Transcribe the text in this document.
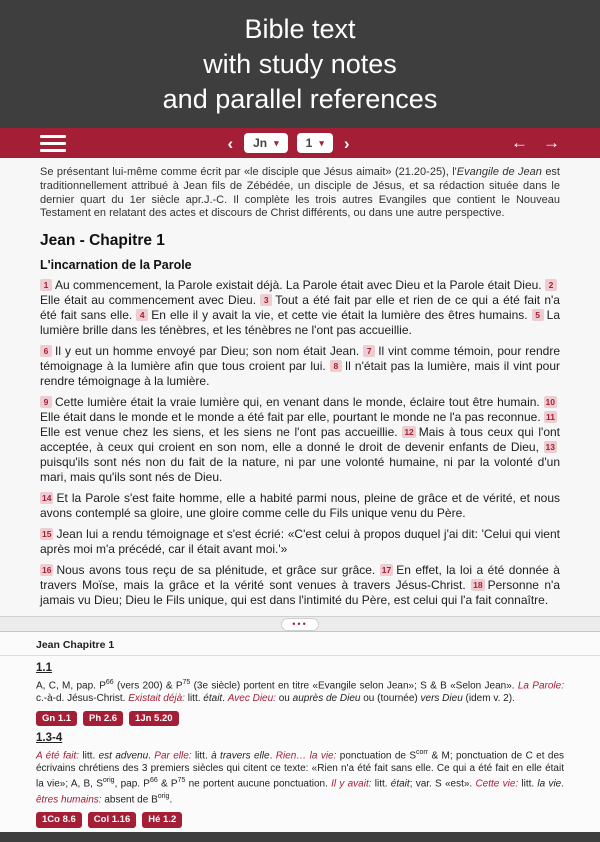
Bible text
with study notes
and parallel references
‹ Jn ▾ 1 ▾ ›	← →

Se présentant lui-même comme écrit par «le disciple que Jésus aimait» (21.20-25), l'Evangile de Jean est traditionnellement attribué à Jean fils de Zébédée, un disciple de Jésus, et sa rédaction située dans le dernier quart du 1er siècle apr.J.-C. Il complète les trois autres Evangiles que contient le Nouveau Testament en relatant des actes et discours de Christ différents, ou dans une autre perspective.

Jean - Chapitre 1
L'incarnation de la Parole

1 Au commencement, la Parole existait déjà. La Parole était avec Dieu et la Parole était Dieu. 2Elle était au commencement avec Dieu. 3 Tout a été fait par elle et rien de ce qui a été fait n'a été fait sans elle. 4 En elle il y avait la vie, et cette vie était la lumière des êtres humains. 5 La lumière brille dans les ténèbres, et les ténèbres ne l'ont pas accueillie.

6 Il y eut un homme envoyé par Dieu; son nom était Jean. 7 Il vint comme témoin, pour rendre témoignage à la lumière afin que tous croient par lui. 8 Il n'était pas la lumière, mais il vint pour rendre témoignage à la lumière.

9 Cette lumière était la vraie lumière qui, en venant dans le monde, éclaire tout être humain. 10Elle était dans le monde et le monde a été fait par elle, pourtant le monde ne l'a pas reconnue. 11Elle est venue chez les siens, et les siens ne l'ont pas accueillie. 12 Mais à tous ceux qui l'ont acceptée, à ceux qui croient en son nom, elle a donné le droit de devenir enfants de Dieu, 13puisqu'ils sont nés non du fait de la nature, ni par une volonté humaine, ni par la volonté d'un mari, mais qu'ils sont nés de Dieu.

14 Et la Parole s'est faite homme, elle a habité parmi nous, pleine de grâce et de vérité, et nous avons contemplé sa gloire, une gloire comme celle du Fils unique venu du Père.

15 Jean lui a rendu témoignage et s'est écrié: «C'est celui à propos duquel j'ai dit: 'Celui qui vient après moi m'a précédé, car il était avant moi.'»

16 Nous avons tous reçu de sa plénitude, et grâce sur grâce. 17 En effet, la loi a été donnée à travers Moïse, mais la grâce et la vérité sont venues à travers Jésus-Christ. 18 Personne n'a jamais vu Dieu; Dieu le Fils unique, qui est dans l'intimité du Père, est celui qui l'a fait connaître.

•••
Jean Chapitre 1
1.1

A, C, M, pap. $P^{66}$ (vers 200) & $P^{75}$ (3e siècle) portent en titre «Evangile selon Jean»; S & B «Selon Jean». La Parole: c.-à-d. Jésus-Christ. Existait déjà: litt. était. Avec Dieu: ou auprès de Dieu ou (tournée) vers Dieu (idem v. 2).

Gn 1.1	Ph 2.6	1Jn 5.20
1.3-4

A été fait: litt. est advenu. Par elle: litt. à travers elle. Rien… la vie: ponctuation de $S^{corr}$ & M; ponctuation de C et des écrivains chrétiens des 3 premiers siècles qui citent ce texte: «Rien n'a été fait sans elle. Ce qui a été fait en elle était la vie»; A, B, $S^{orig}$, pap. $P^{66}$ & $P^{75}$ ne portent aucune ponctuation. Il y avait: litt. était; var. S «est». Cette vie: litt. la vie. êtres humains: absent de $B^{orig}$.

1Co 8.6	Col 1.16	Hé 1.2
